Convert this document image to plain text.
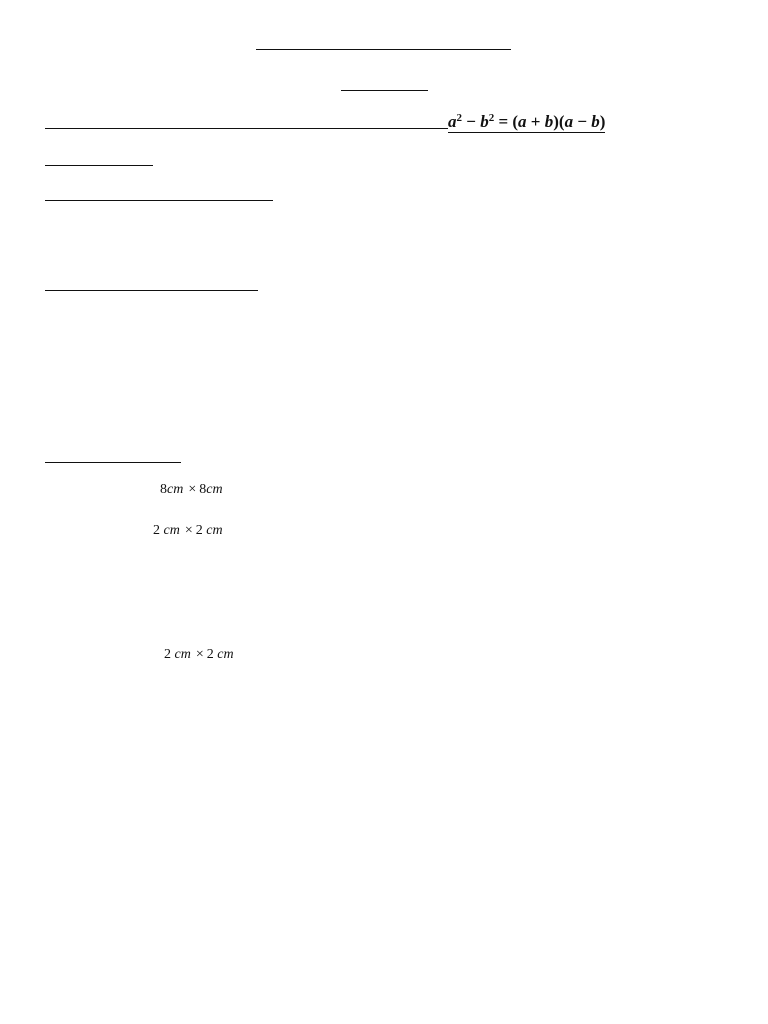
$a^2 - b^2 = (a + b)(a - b)$
8cm × 8cm
2 cm × 2 cm
2 cm × 2 cm
